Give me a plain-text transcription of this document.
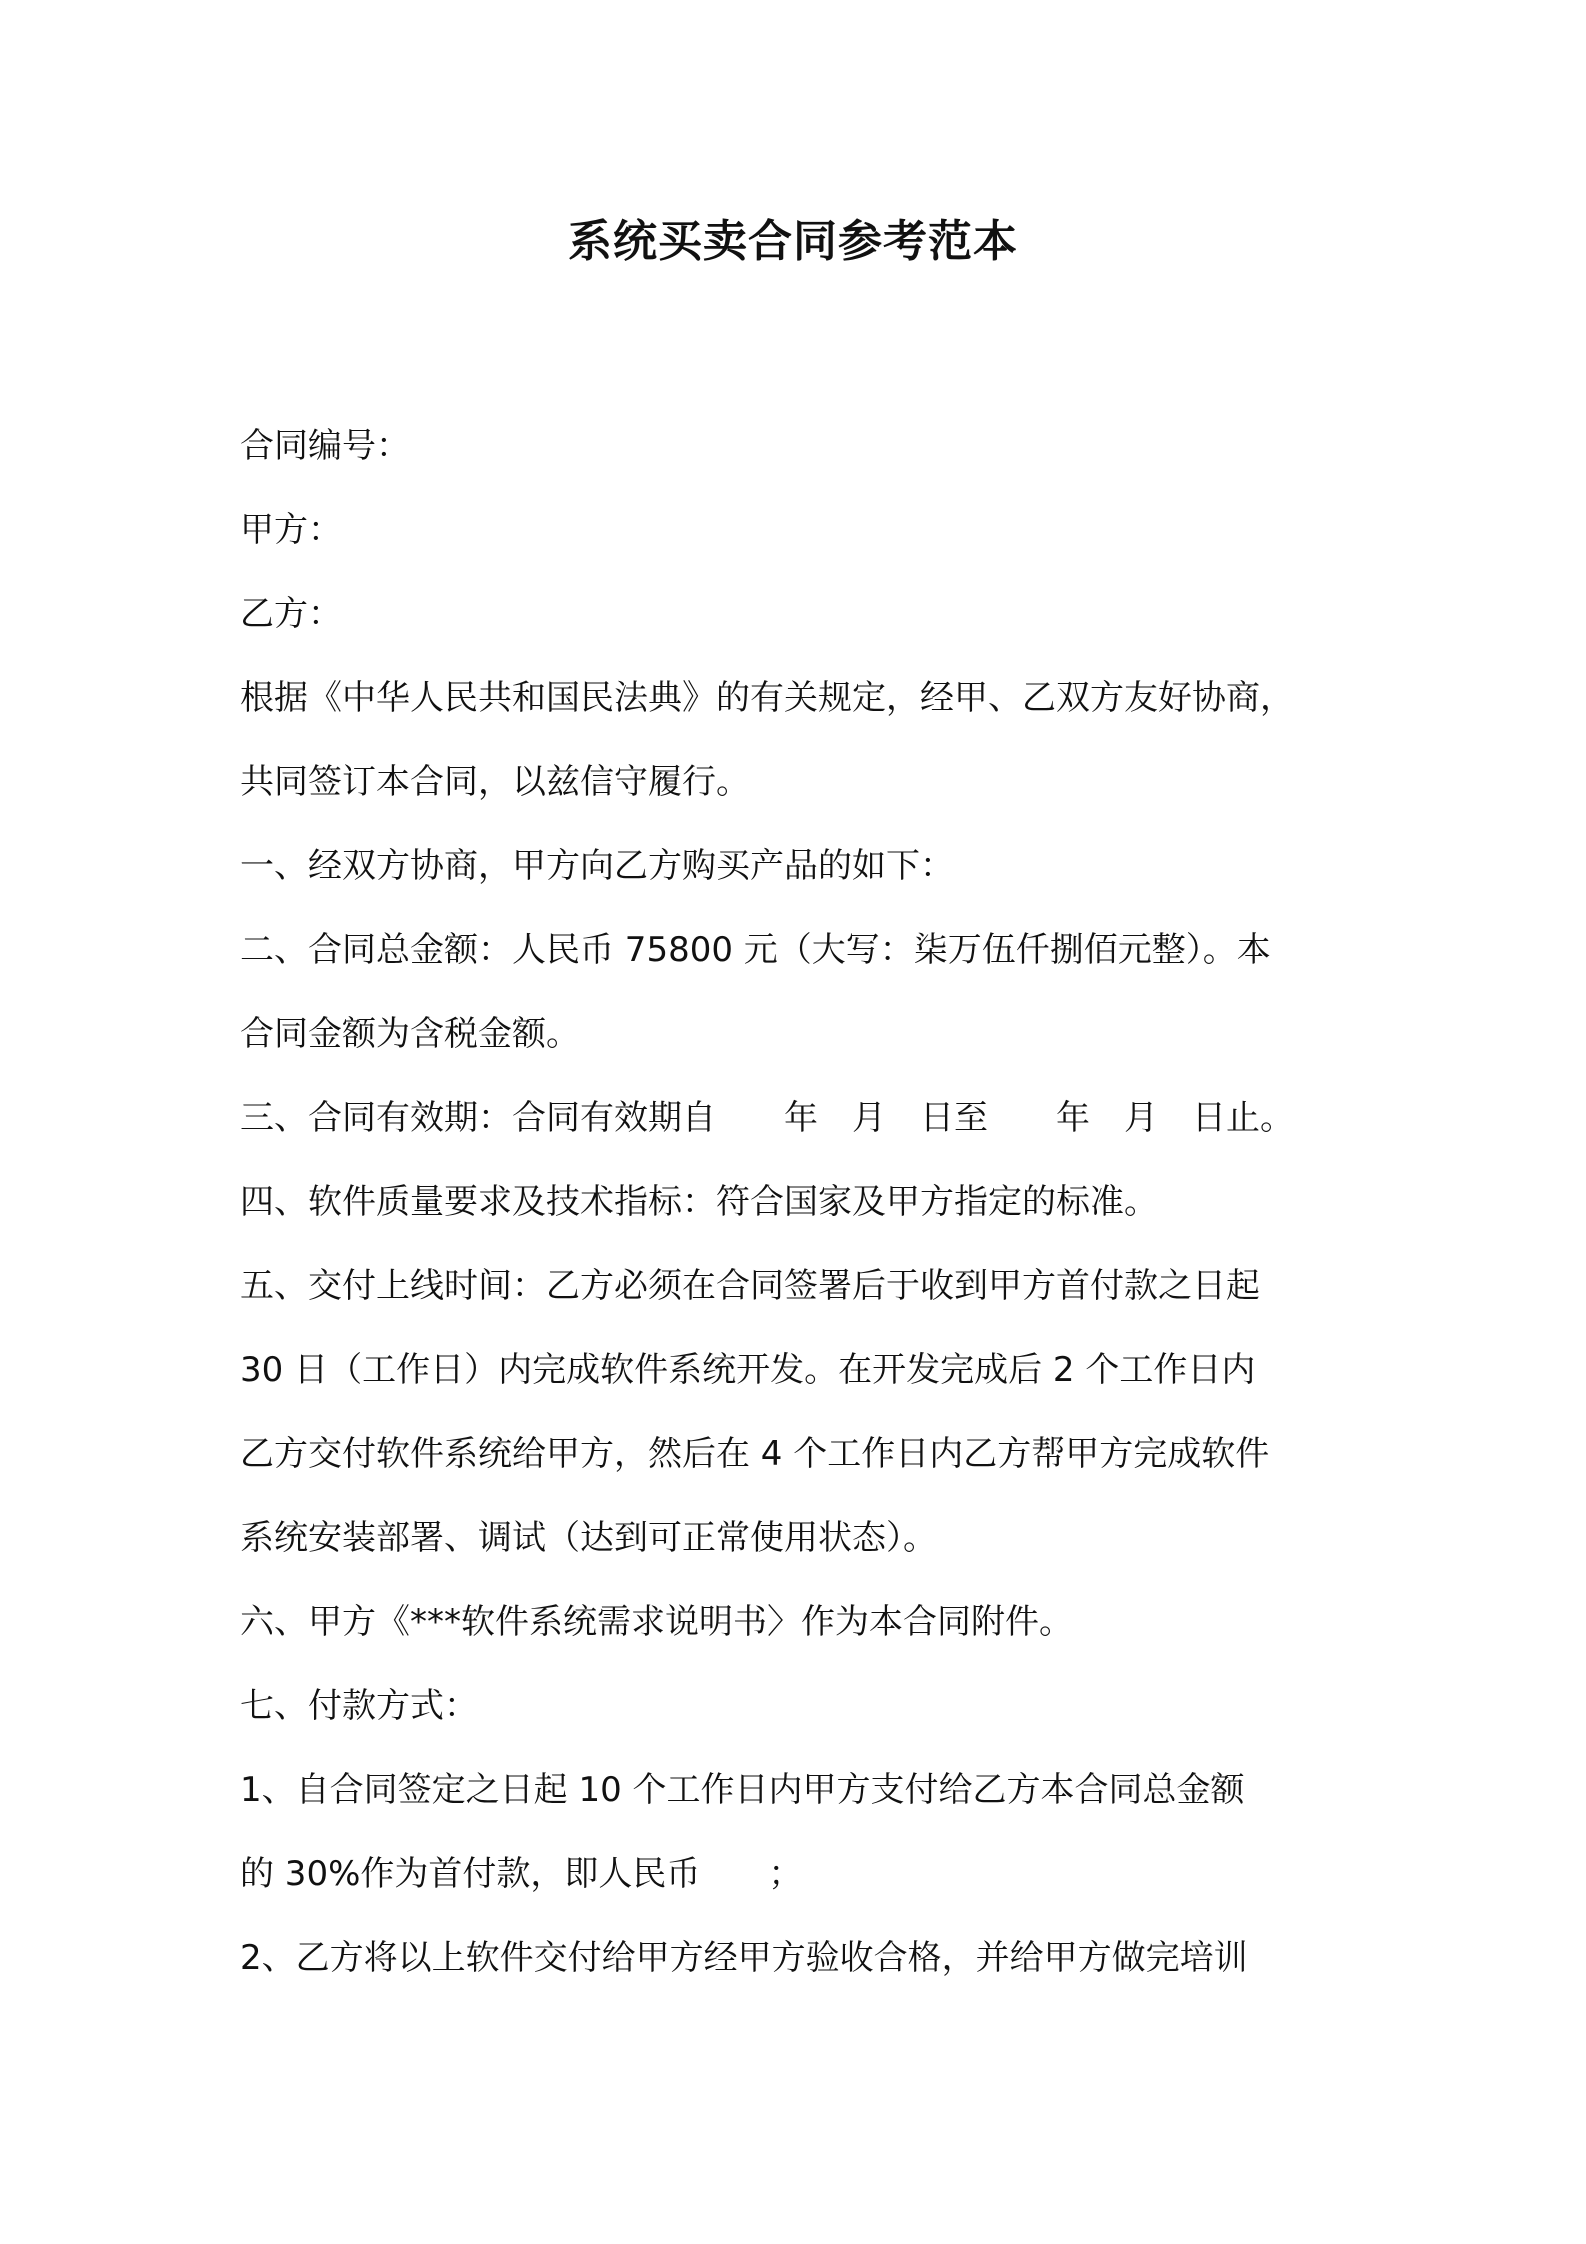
系统买卖合同参考范本
合同编号：
甲方：
乙方：
根据《中华人民共和国民法典》的有关规定，经甲、乙双方友好协商，
共同签订本合同，以兹信守履行。
一、经双方协商，甲方向乙方购买产品的如下：
二、合同总金额：人民币 75800 元（大写：柒万伍仟捌佰元整）。本
合同金额为含税金额。
三、合同有效期：合同有效期自　　年　月　日至　　年　月　日止。
四、软件质量要求及技术指标：符合国家及甲方指定的标准。
五、交付上线时间：乙方必须在合同签署后于收到甲方首付款之日起
30 日（工作日）内完成软件系统开发。在开发完成后 2 个工作日内
乙方交付软件系统给甲方，然后在 4 个工作日内乙方帮甲方完成软件
系统安装部署、调试（达到可正常使用状态）。
六、甲方《***软件系统需求说明书〉作为本合同附件。
七、付款方式：
1、自合同签定之日起 10 个工作日内甲方支付给乙方本合同总金额
的 30%作为首付款，即人民币　　；
2、乙方将以上软件交付给甲方经甲方验收合格，并给甲方做完培训
